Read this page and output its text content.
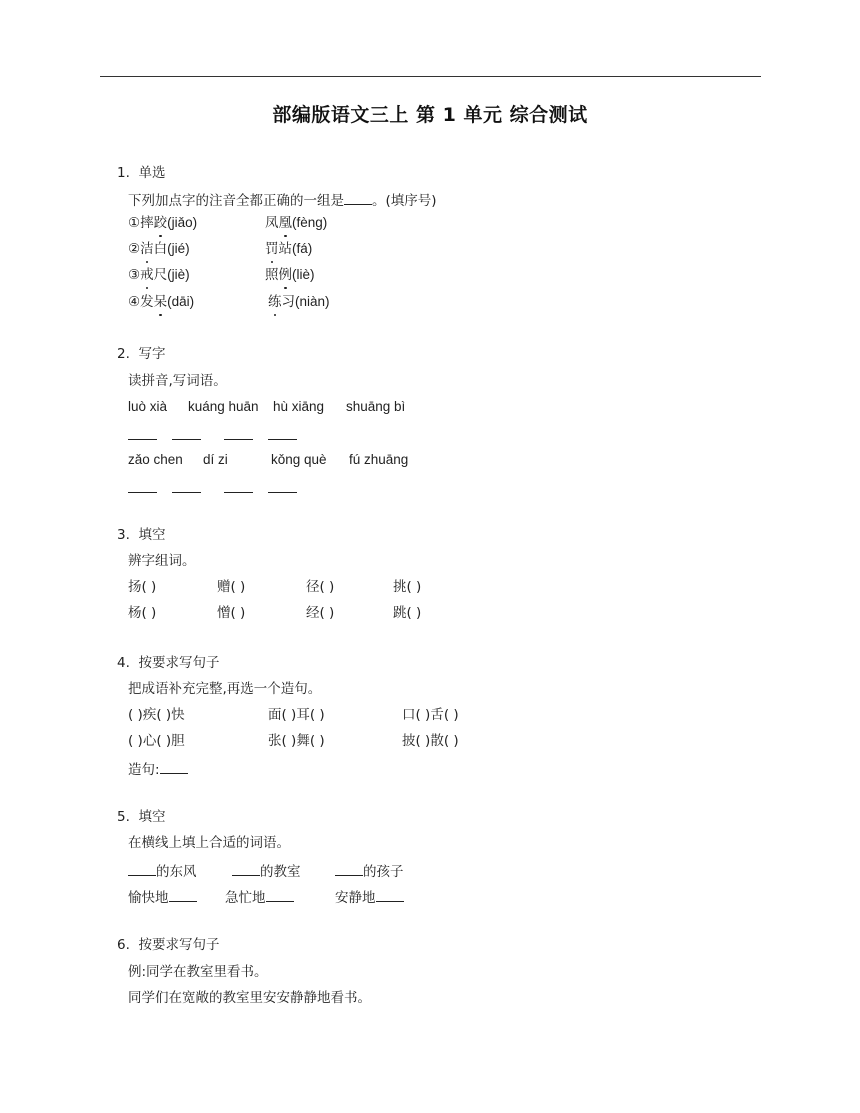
部编版语文三上 第 1 单元 综合测试
1. 单选
下列加点字的注音全都正确的一组是 。(填序号)
①摔跤(jiǎo)	凤凰(fèng)
②洁白(jié)	罚站(fá)
③戒尺(jiè)	照例(liè)
④发呆(dāi)	练习(niàn)
2. 写字
读拼音,写词语。
luò xià kuáng huān hù xiāng shuāng bì
zǎo chen dí zi	kǒng què fú zhuāng
3. 填空
辨字组词。
扬( )	赠( )	径( )	挑( )
杨( )	憎( )	经( )	跳( )
4. 按要求写句子
把成语补充完整,再选一个造句。
( )疾( )快	面( )耳( )	口( )舌( )
( )心( )胆	张( )舞( )	披( )散( )
造句:
5. 填空
在横线上填上合适的词语。
的东风	的教室	的孩子
愉快地	急忙地	安静地
6. 按要求写句子
例:同学在教室里看书。
同学们在宽敞的教室里安安静静地看书。
